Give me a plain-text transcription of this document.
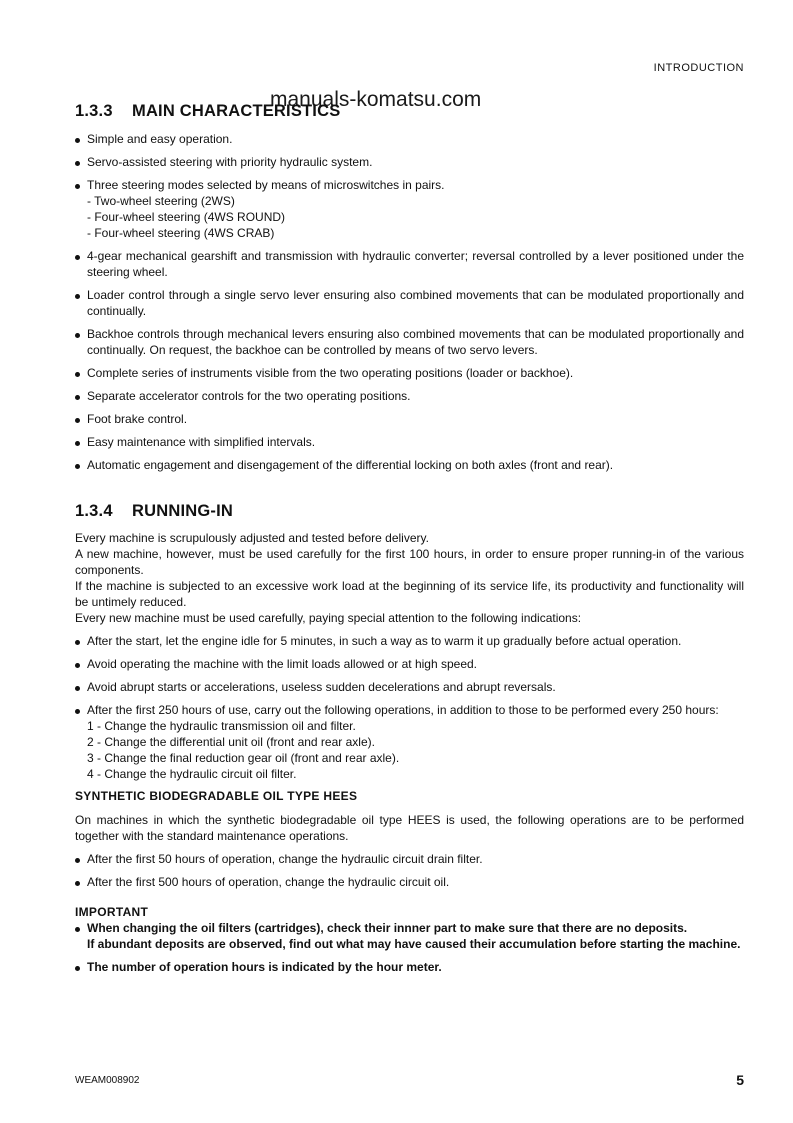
INTRODUCTION
manuals-komatsu.com
1.3.3 MAIN CHARACTERISTICS
Simple and easy operation.
Servo-assisted steering with priority hydraulic system.
Three steering modes selected by means of microswitches in pairs.
- Two-wheel steering (2WS)
- Four-wheel steering (4WS ROUND)
- Four-wheel steering (4WS CRAB)
4-gear mechanical gearshift and transmission with hydraulic converter; reversal controlled by a lever positioned under the steering wheel.
Loader control through a single servo lever ensuring also combined movements that can be modulated proportionally and continually.
Backhoe controls through mechanical levers ensuring also combined movements that can be modulated proportionally and continually. On request, the backhoe can be controlled by means of two servo levers.
Complete series of instruments visible from the two operating positions (loader or backhoe).
Separate accelerator controls for the two operating positions.
Foot brake control.
Easy maintenance with simplified intervals.
Automatic engagement and disengagement of the differential locking on both axles (front and rear).
1.3.4 RUNNING-IN
Every machine is scrupulously adjusted and tested before delivery.
A new machine, however, must be used carefully for the first 100 hours, in order to ensure proper running-in of the various components.
If the machine is subjected to an excessive work load at the beginning of its service life, its productivity and functionality will be untimely reduced.
Every new machine must be used carefully, paying special attention to the following indications:
After the start, let the engine idle for 5 minutes, in such a way as to warm it up gradually before actual operation.
Avoid operating the machine with the limit loads allowed or at high speed.
Avoid abrupt starts or accelerations, useless sudden decelerations and abrupt reversals.
After the first 250 hours of use, carry out the following operations, in addition to those to be performed every 250 hours:
1 - Change the hydraulic transmission oil and filter.
2 - Change the differential unit oil (front and rear axle).
3 - Change the final reduction gear oil (front and rear axle).
4 - Change the hydraulic circuit oil filter.
SYNTHETIC BIODEGRADABLE OIL TYPE HEES
On machines in which the synthetic biodegradable oil type HEES is used, the following operations are to be performed together with the standard maintenance operations.
After the first 50 hours of operation, change the hydraulic circuit drain filter.
After the first 500 hours of operation, change the hydraulic circuit oil.
IMPORTANT
When changing the oil filters (cartridges), check their innner part to make sure that there are no deposits.
If abundant deposits are observed, find out what may have caused their accumulation before starting the machine.
The number of operation hours is indicated by the hour meter.
WEAM008902	5
